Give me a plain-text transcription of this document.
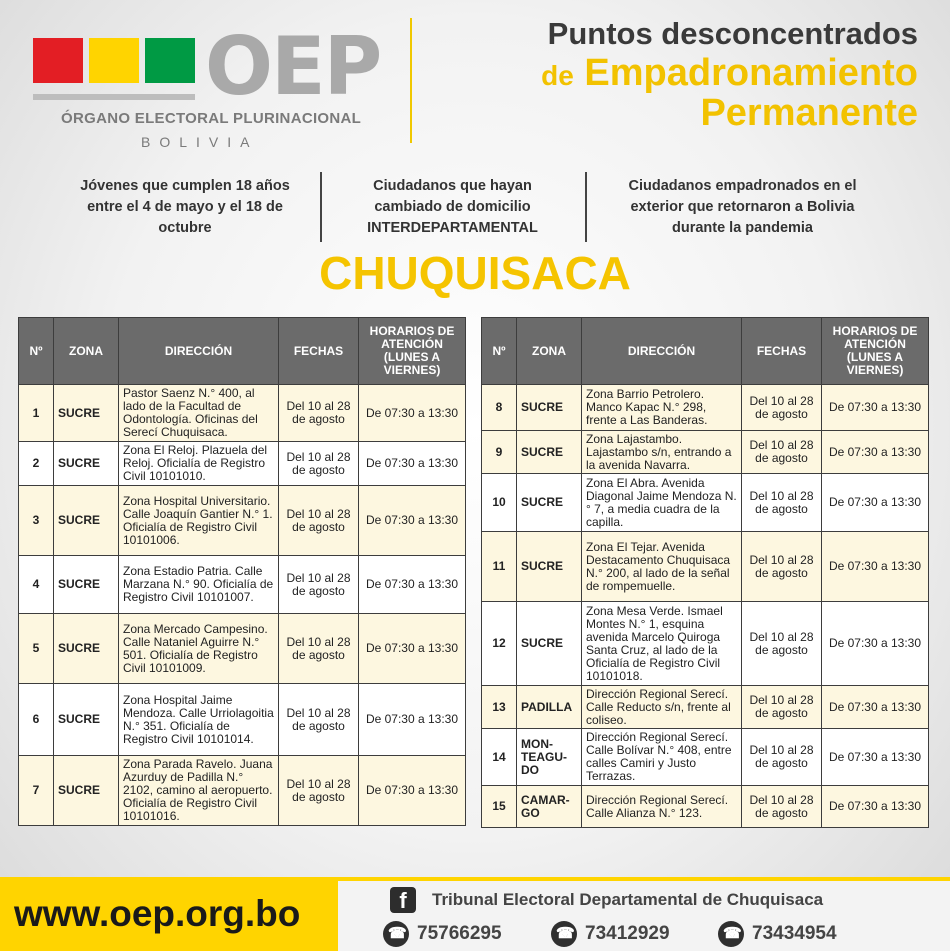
OEP
ÓRGANO ELECTORAL PLURINACIONAL
BOLIVIA
Puntos desconcentrados
de Empadronamiento
Permanente
Jóvenes que cumplen 18 años entre el 4 de mayo y el 18 de octubre
Ciudadanos que hayan cambiado de domicilio INTERDEPARTAMENTAL
Ciudadanos empadronados en el exterior que retornaron a Bolivia durante la pandemia
CHUQUISACA
Nº	ZONA	DIRECCIÓN	FECHAS	HORARIOS DE ATENCIÓN (LUNES A VIERNES)
1	SUCRE	Pastor Saenz N.° 400, al lado de la Facultad de Odontología. Oficinas del Serecí Chuquisaca.	Del 10 al 28 de agosto	De 07:30 a 13:30
2	SUCRE	Zona El Reloj. Plazuela del Reloj. Oficialía de Registro Civil 10101010.	Del 10 al 28 de agosto	De 07:30 a 13:30
3	SUCRE	Zona Hospital Universitario. Calle Joaquín Gantier N.° 1. Oficialía de Registro Civil 10101006.	Del 10 al 28 de agosto	De 07:30 a 13:30
4	SUCRE	Zona Estadio Patria. Calle Marzana N.° 90. Oficialía de Registro Civil 10101007.	Del 10 al 28 de agosto	De 07:30 a 13:30
5	SUCRE	Zona Mercado Campesino. Calle Nataniel Aguirre N.° 501. Oficialía de Registro Civil 10101009.	Del 10 al 28 de agosto	De 07:30 a 13:30
6	SUCRE	Zona Hospital Jaime Mendoza. Calle Urriolagoitia N.° 351. Oficialía de Registro Civil 10101014.	Del 10 al 28 de agosto	De 07:30 a 13:30
7	SUCRE	Zona Parada Ravelo. Juana Azurduy de Padilla N.° 2102, camino al aeropuerto. Oficialía de Registro Civil 10101016.	Del 10 al 28 de agosto	De 07:30 a 13:30
Nº	ZONA	DIRECCIÓN	FECHAS	HORARIOS DE ATENCIÓN (LUNES A VIERNES)
8	SUCRE	Zona Barrio Petrolero. Manco Kapac N.° 298, frente a Las Banderas.	Del 10 al 28 de agosto	De 07:30 a 13:30
9	SUCRE	Zona Lajastambo. Lajastambo s/n, entrando a la avenida Navarra.	Del 10 al 28 de agosto	De 07:30 a 13:30
10	SUCRE	Zona El Abra. Avenida Diagonal Jaime Mendoza N.° 7, a media cuadra de la capilla.	Del 10 al 28 de agosto	De 07:30 a 13:30
11	SUCRE	Zona El Tejar. Avenida Destacamento Chuquisaca N.° 200, al lado de la señal de rompemuelle.	Del 10 al 28 de agosto	De 07:30 a 13:30
12	SUCRE	Zona Mesa Verde. Ismael Montes N.° 1, esquina avenida Marcelo Quiroga Santa Cruz, al lado de la Oficialía de Registro Civil 10101018.	Del 10 al 28 de agosto	De 07:30 a 13:30
13	PADILLA	Dirección Regional Serecí. Calle Reducto s/n, frente al coliseo.	Del 10 al 28 de agosto	De 07:30 a 13:30
14	MON-TEAGU-DO	Dirección Regional Serecí. Calle Bolívar N.° 408, entre calles Camiri y Justo Terrazas.	Del 10 al 28 de agosto	De 07:30 a 13:30
15	CAMAR-GO	Dirección Regional Serecí. Calle Alianza N.° 123.	Del 10 al 28 de agosto	De 07:30 a 13:30
www.oep.org.bo	f	Tribunal Electoral Departamental de Chuquisaca
☎75766295 ☎	73412929 ☎	73434954
